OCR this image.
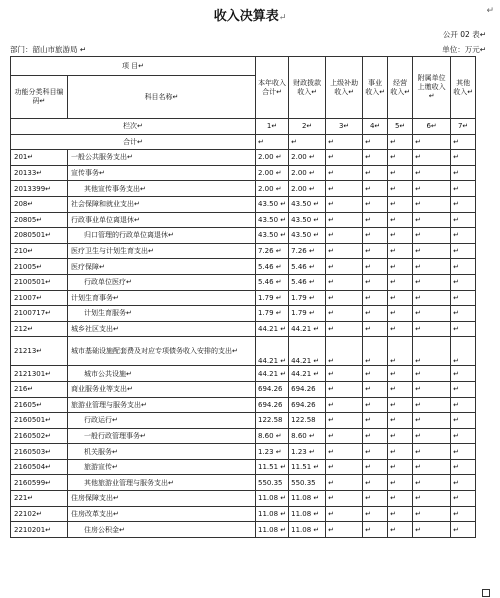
收入决算表↵
↵
公开 02 表↵
部门：韶山市旅游局 ↵	单位：万元↵
项 目↵		本年收入合计↵	财政拨款收入↵	上级补助收入↵	事业收入↵	经营收入↵	附属单位上缴收入↵	其他收入↵
功能分类科目编码↵	科目名称↵							
栏次↵		1↵	2↵	3↵	4↵	5↵	6↵	7↵
合计↵		↵	↵	↵	↵	↵	↵	↵
201↵	一般公共服务支出↵	2.00 ↵	2.00 ↵	↵	↵	↵	↵	↵
20133↵	宣传事务↵	2.00 ↵	2.00 ↵	↵	↵	↵	↵	↵
2013399↵	其他宣传事务支出↵	2.00 ↵	2.00 ↵	↵	↵	↵	↵	↵
208↵	社会保障和就业支出↵	43.50 ↵	43.50 ↵	↵	↵	↵	↵	↵
20805↵	行政事业单位离退休↵	43.50 ↵	43.50 ↵	↵	↵	↵	↵	↵
2080501↵	归口管理的行政单位离退休↵	43.50 ↵	43.50 ↵	↵	↵	↵	↵	↵
210↵	医疗卫生与计划生育支出↵	7.26 ↵	7.26 ↵	↵	↵	↵	↵	↵
21005↵	医疗保障↵	5.46 ↵	5.46 ↵	↵	↵	↵	↵	↵
2100501↵	行政单位医疗↵	5.46 ↵	5.46 ↵	↵	↵	↵	↵	↵
21007↵	计划生育事务↵	1.79 ↵	1.79 ↵	↵	↵	↵	↵	↵
2100717↵	计划生育服务↵	1.79 ↵	1.79 ↵	↵	↵	↵	↵	↵
212↵	城乡社区支出↵	44.21 ↵	44.21 ↵	↵	↵	↵	↵	↵
21213↵	城市基础设施配套费及对应专项债务收入安排的支出↵	44.21 ↵	44.21 ↵	↵	↵	↵	↵	↵
2121301↵	城市公共设施↵	44.21 ↵	44.21 ↵	↵	↵	↵	↵	↵
216↵	商业服务业等支出↵	694.26	694.26	↵	↵	↵	↵	↵
21605↵	旅游业管理与服务支出↵	694.26	694.26	↵	↵	↵	↵	↵
2160501↵	行政运行↵	122.58	122.58	↵	↵	↵	↵	↵
2160502↵	一般行政管理事务↵	8.60 ↵	8.60 ↵	↵	↵	↵	↵	↵
2160503↵	机关服务↵	1.23 ↵	1.23 ↵	↵	↵	↵	↵	↵
2160504↵	旅游宣传↵	11.51 ↵	11.51 ↵	↵	↵	↵	↵	↵
2160599↵	其他旅游业管理与服务支出↵	550.35	550.35	↵	↵	↵	↵	↵
221↵	住房保障支出↵	11.08 ↵	11.08 ↵	↵	↵	↵	↵	↵
22102↵	住房改革支出↵	11.08 ↵	11.08 ↵	↵	↵	↵	↵	↵
2210201↵	住房公积金↵	11.08 ↵	11.08 ↵	↵	↵	↵	↵	↵
